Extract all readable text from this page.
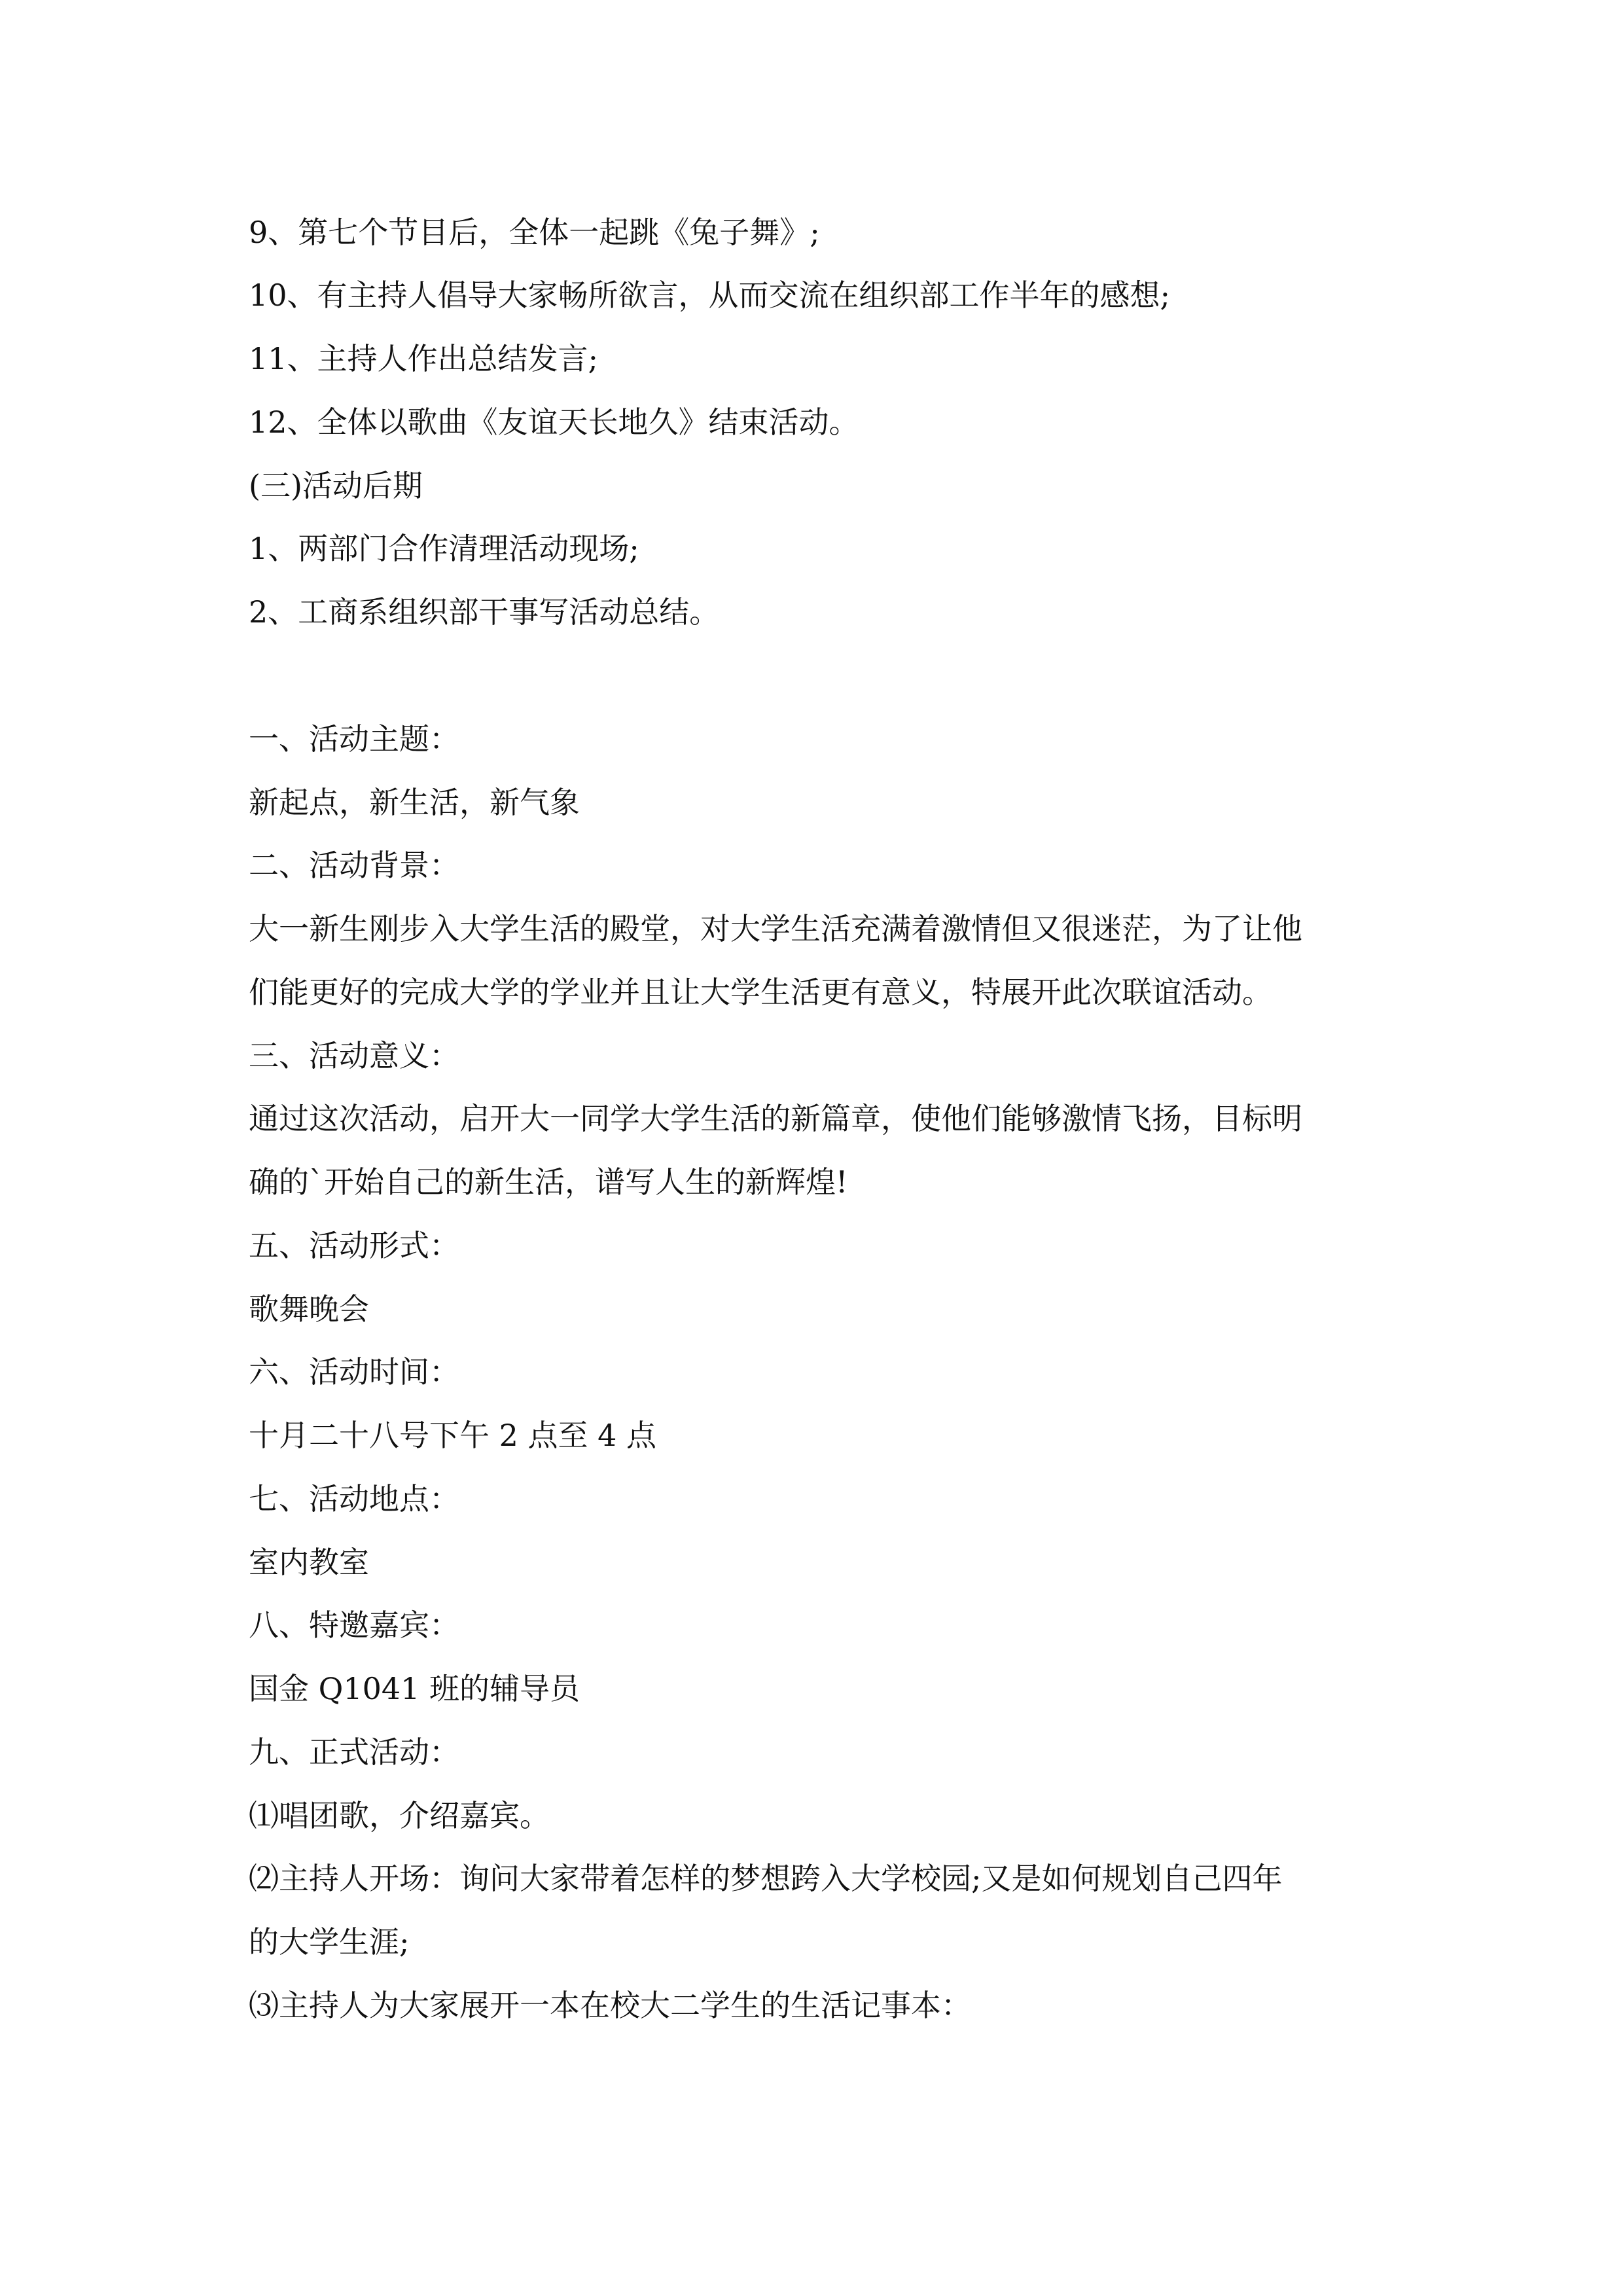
9、第七个节目后，全体一起跳《兔子舞》;
10、有主持人倡导大家畅所欲言，从而交流在组织部工作半年的感想;
11、主持人作出总结发言;
12、全体以歌曲《友谊天长地久》结束活动。
(三)活动后期
1、两部门合作清理活动现场;
2、工商系组织部干事写活动总结。
一、活动主题：
新起点，新生活，新气象
二、活动背景：
大一新生刚步入大学生活的殿堂，对大学生活充满着激情但又很迷茫，为了让他
们能更好的完成大学的学业并且让大学生活更有意义，特展开此次联谊活动。
三、活动意义：
通过这次活动，启开大一同学大学生活的新篇章，使他们能够激情飞扬，目标明
确的`开始自己的新生活，谱写人生的新辉煌!
五、活动形式：
歌舞晚会
六、活动时间：
十月二十八号下午 2 点至 4 点
七、活动地点：
室内教室
八、特邀嘉宾：
国金 Q1041 班的辅导员
九、正式活动：
⑴唱团歌，介绍嘉宾。
⑵主持人开场：询问大家带着怎样的梦想跨入大学校园;又是如何规划自己四年
的大学生涯;
⑶主持人为大家展开一本在校大二学生的生活记事本：
